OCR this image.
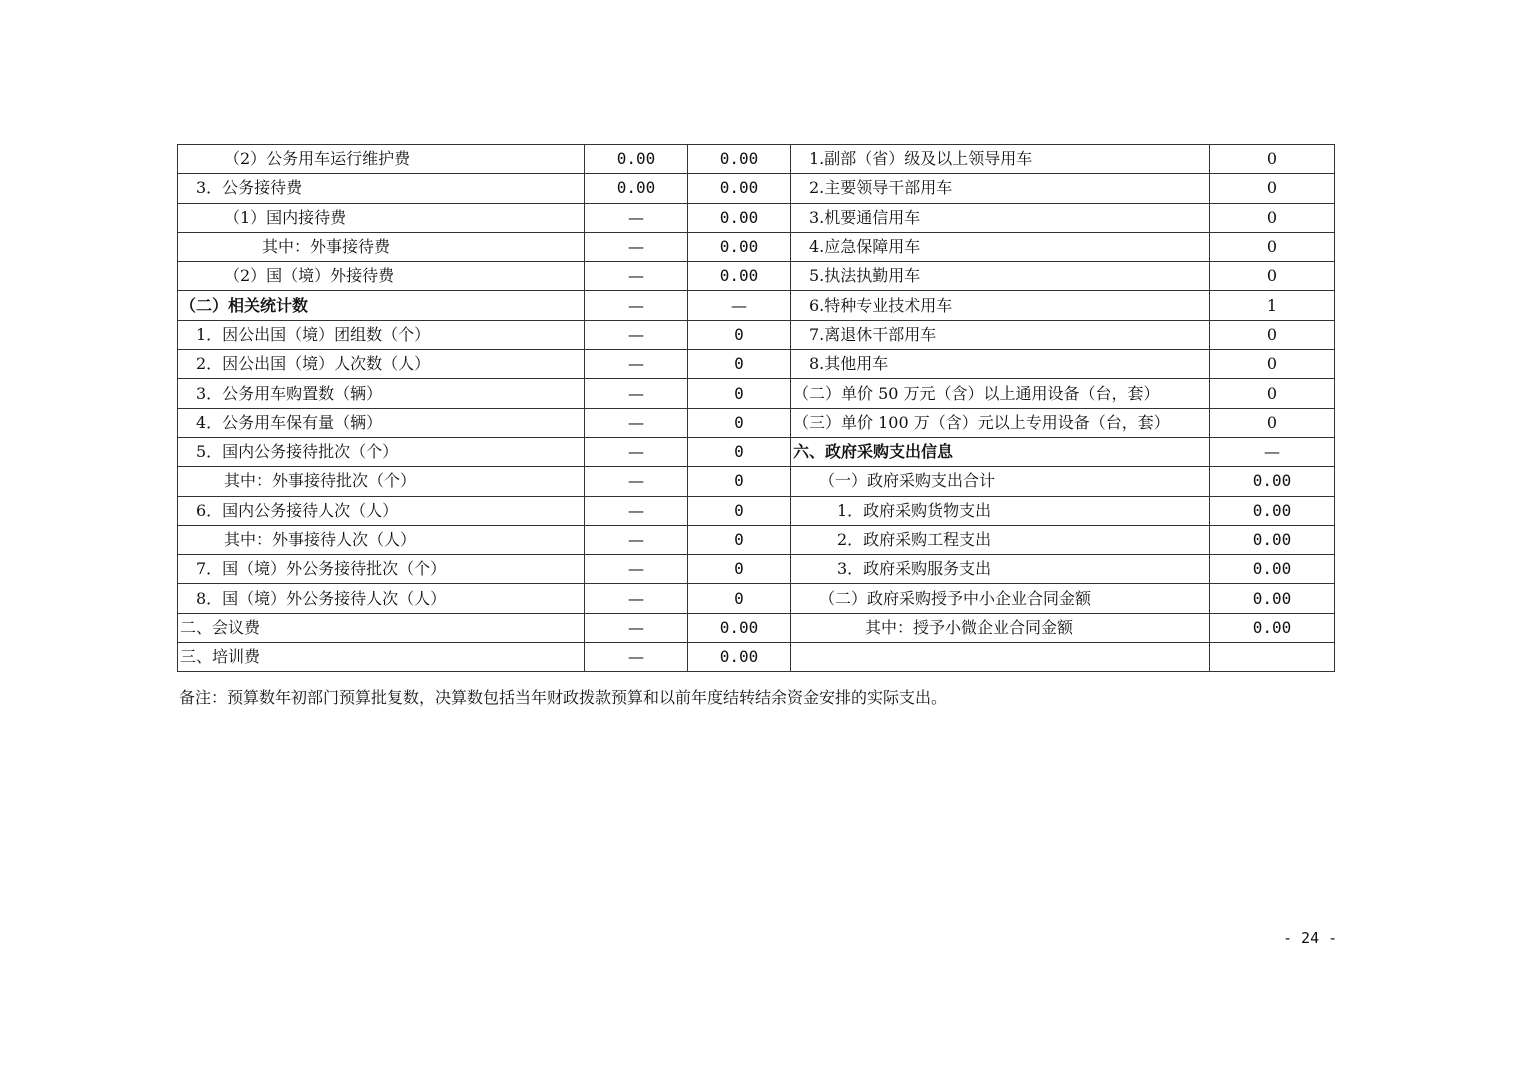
（2）公务用车运行维护费	0.00	0.00	1.副部（省）级及以上领导用车	0
3．公务接待费	0.00	0.00	2.主要领导干部用车	0
（1）国内接待费	—	0.00	3.机要通信用车	0
其中：外事接待费	—	0.00	4.应急保障用车	0
（2）国（境）外接待费	—	0.00	5.执法执勤用车	0
（二）相关统计数	—	—	6.特种专业技术用车	1
1．因公出国（境）团组数（个）	—	0	7.离退休干部用车	0
2．因公出国（境）人次数（人）	—	0	8.其他用车	0
3．公务用车购置数（辆）	—	0	（二）单价 50 万元（含）以上通用设备（台，套）	0
4．公务用车保有量（辆）	—	0	（三）单价 100 万（含）元以上专用设备（台，套）	0
5．国内公务接待批次（个）	—	0	六、政府采购支出信息	—
其中：外事接待批次（个）	—	0	（一）政府采购支出合计	0.00
6．国内公务接待人次（人）	—	0	1．政府采购货物支出	0.00
其中：外事接待人次（人）	—	0	2．政府采购工程支出	0.00
7．国（境）外公务接待批次（个）	—	0	3．政府采购服务支出	0.00
8．国（境）外公务接待人次（人）	—	0	（二）政府采购授予中小企业合同金额	0.00
二、会议费	—	0.00	其中：授予小微企业合同金额	0.00
三、培训费	—	0.00		
备注：预算数年初部门预算批复数，决算数包括当年财政拨款预算和以前年度结转结余资金安排的实际支出。
- 24 -
